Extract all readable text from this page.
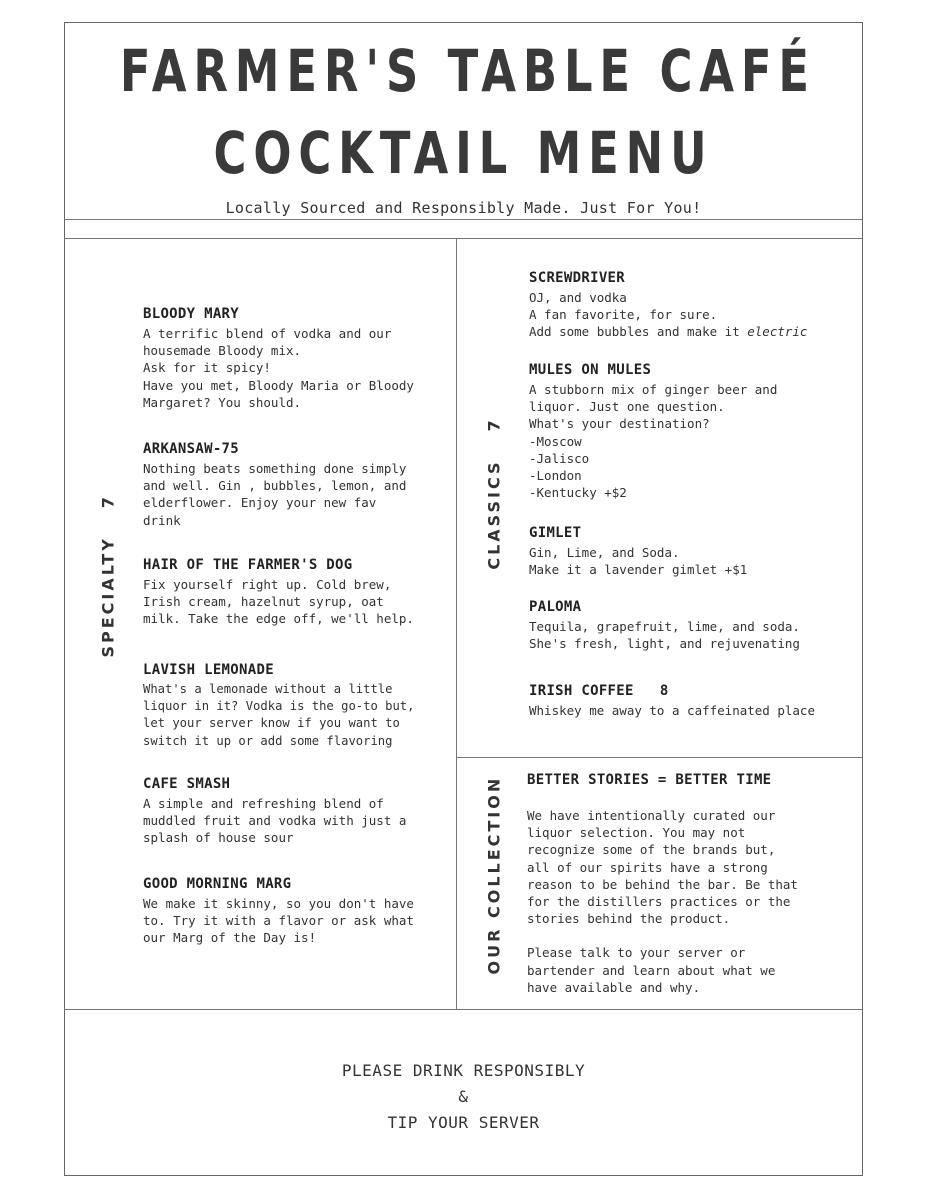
FARMER'S TABLE CAFÉ
COCKTAIL MENU
Locally Sourced and Responsibly Made. Just For You!
SPECIALTY7
BLOODY MARY
A terrific blend of vodka and our
housemade Bloody mix.
Ask for it spicy!
Have you met, Bloody Maria or Bloody
Margaret? You should.
ARKANSAW-75
Nothing beats something done simply
and well. Gin , bubbles, lemon, and
elderflower. Enjoy your new fav
drink
HAIR OF THE FARMER'S DOG
Fix yourself right up. Cold brew,
Irish cream, hazelnut syrup, oat
milk. Take the edge off, we'll help.
LAVISH LEMONADE
What's a lemonade without a little
liquor in it? Vodka is the go-to but,
let your server know if you want to
switch it up or add some flavoring
CAFE SMASH
A simple and refreshing blend of
muddled fruit and vodka with just a
splash of house sour
GOOD MORNING MARG
We make it skinny, so you don't have
to. Try it with a flavor or ask what
our Marg of the Day is!
CLASSICS7
SCREWDRIVER
OJ, and vodka
A fan favorite, for sure.
Add some bubbles and make it electric
MULES ON MULES
A stubborn mix of ginger beer and
liquor. Just one question.
What's your destination?
-Moscow
-Jalisco
-London
-Kentucky +$2
GIMLET
Gin, Lime, and Soda.
Make it a lavender gimlet +$1
PALOMA
Tequila, grapefruit, lime, and soda.
She's fresh, light, and rejuvenating
IRISH COFFEE   8
Whiskey me away to a caffeinated place
OUR COLLECTION BETTER STORIES = BETTER TIME
We have intentionally curated our
liquor selection. You may not
recognize some of the brands but,
all of our spirits have a strong
reason to be behind the bar. Be that
for the distillers practices or the
stories behind the product.
Please talk to your server or
bartender and learn about what we
have available and why.
PLEASE DRINK RESPONSIBLY
&
TIP YOUR SERVER
